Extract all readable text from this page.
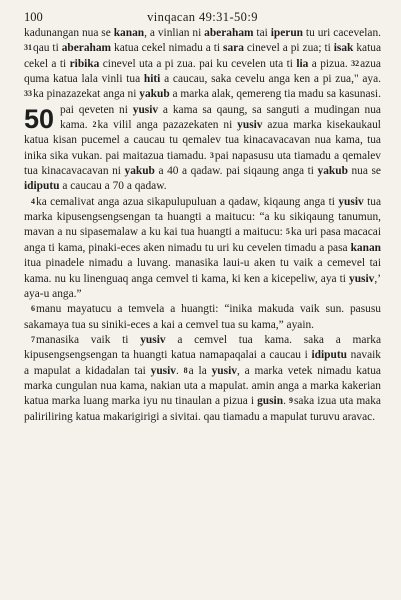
100	vinqacan 49:31-50:9

kadunangan nua se kanan, a vinlian ni aberaham tai iperun tu uri cacevelan. $^{31}$qau ti aberaham katua cekel nimadu a ti sara cinevel a pi zua; ti isak katua cekel a ti ribika cinevel uta a pi zua. pai ku cevelen uta ti lia a pizua. $^{32}$azua quma katua lala vinli tua hiti a caucau, saka cevelu anga ken a pi zua," aya. $^{33}$ka pinazazekat anga ni yakub a marka alak, qemereng tia madu sa kasunasi.

50 pai qeveten ni yusiv a kama sa qaung, sa sanguti a mudingan nua kama. $^2$ka vilil anga pazazekaten ni yusiv azua marka kisekaukaul katua kisan pucemel a caucau tu qemalev tua kinacavacavan nua kama, tua inika sika vukan. pai maitazua tiamadu. $^3$pai napasusu uta tiamadu a qemalev tua kinacavacavan ni yakub a 40 a qadaw. pai siqaung anga ti yakub nua se idiputu a caucau a 70 a qadaw.

$^4$ka cemalivat anga azua sikapulupuluan a qadaw, kiqaung anga ti yusiv tua marka kipusengsengsengan ta huangti a maitucu: “a ku sikiqaung tanumun, mavan a nu sipasemalaw a ku kai tua huangti a maitucu: $^5$ka uri pasa macacai anga ti kama, pinaki-eces aken nimadu tu uri ku cevelen timadu a pasa kanan itua pinadele nimadu a luvang. manasika laui-u aken tu vaik a cemevel tai kama. nu ku linenguaq anga cemvel ti kama, ki ken a kicepeliw, aya ti yusiv,’ aya-u anga.”

$^6$manu mayatucu a temvela a huangti: “inika makuda vaik sun. pasusu sakamaya tua su siniki-eces a kai a cemvel tua su kama,” ayain.

$^7$manasika vaik ti yusiv a cemvel tua kama. saka a marka kipusengsengsengan ta huangti katua namapaqalai a caucau i idiputu navaik a mapulat a kidadalan tai yusiv. $^8$a la yusiv, a marka vetek nimadu katua marka cungulan nua kama, nakian uta a mapulat. amin anga a marka kakerian katua marka luang marka iyu nu tinaulan a pizua i gusin. $^9$saka izua uta maka paliriliring katua makarigirigi a sivitai. qau tiamadu a mapulat turuvu aravac.
